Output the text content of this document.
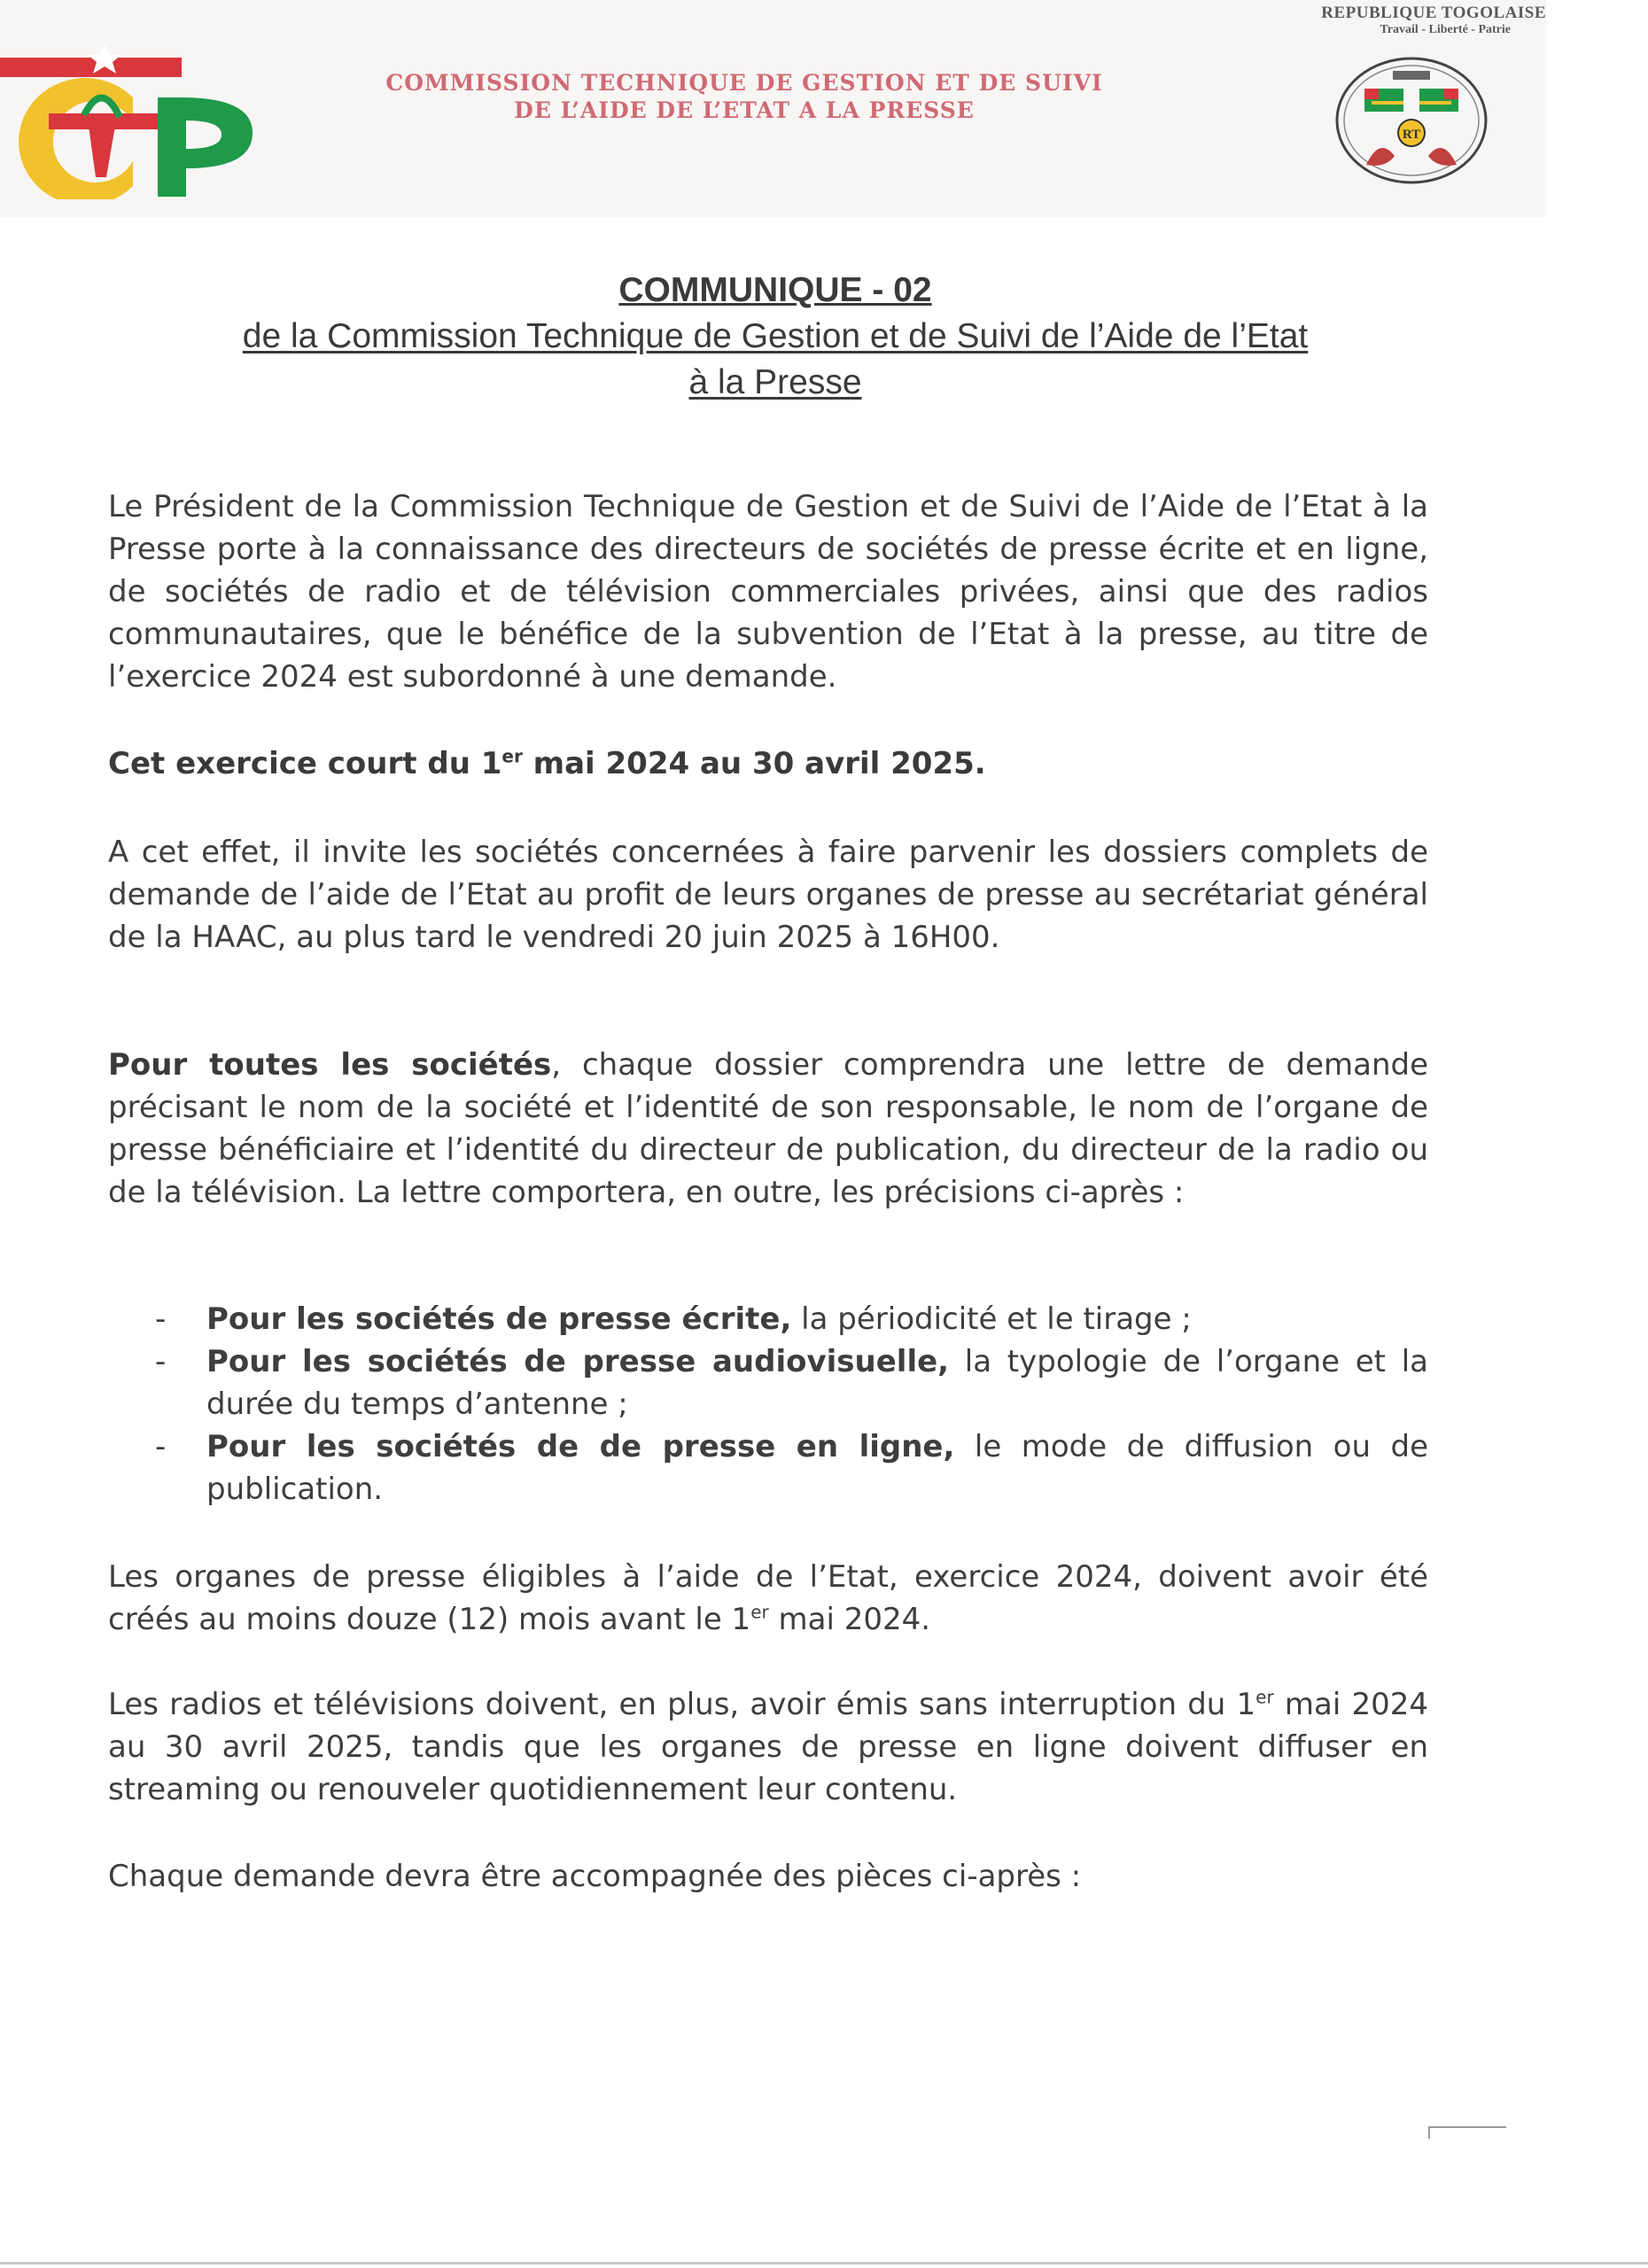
COMMISSION TECHNIQUE DE GESTION ET DE SUIVI
DE L’AIDE DE L’ETAT A LA PRESSE
REPUBLIQUE TOGOLAISE
Travail - Liberté - Patrie
RT
COMMUNIQUE - 02
de la Commission Technique de Gestion et de Suivi de l’Aide de l’Etat
à la Presse
Le Président de la Commission Technique de Gestion et de Suivi de l’Aide de l’Etat à la Presse porte à la connaissance des directeurs de sociétés de presse écrite et en ligne, de sociétés de radio et de télévision commerciales privées, ainsi que des radios communautaires, que le bénéfice de la subvention de l’Etat à la presse, au titre de l’exercice 2024 est subordonné à une demande.
Cet exercice court du 1er mai 2024 au 30 avril 2025.
A cet effet, il invite les sociétés concernées à faire parvenir les dossiers complets de demande de l’aide de l’Etat au profit de leurs organes de presse au secrétariat général de la HAAC, au plus tard le vendredi 20 juin 2025 à 16H00.
Pour toutes les sociétés, chaque dossier comprendra une lettre de demande précisant le nom de la société et l’identité de son responsable, le nom de l’organe de presse bénéficiaire et l’identité du directeur de publication, du directeur de la radio ou de la télévision. La lettre comportera, en outre, les précisions ci-après :
- Pour les sociétés de presse écrite, la périodicité et le tirage ;
- Pour les sociétés de presse audiovisuelle, la typologie de l’organe et la durée du temps d’antenne ;
- Pour les sociétés de de presse en ligne, le mode de diffusion ou de publication.
Les organes de presse éligibles à l’aide de l’Etat, exercice 2024, doivent avoir été créés au moins douze (12) mois avant le 1er mai 2024.
Les radios et télévisions doivent, en plus, avoir émis sans interruption du 1er mai 2024 au 30 avril 2025, tandis que les organes de presse en ligne doivent diffuser en streaming ou renouveler quotidiennement leur contenu.
Chaque demande devra être accompagnée des pièces ci-après :
